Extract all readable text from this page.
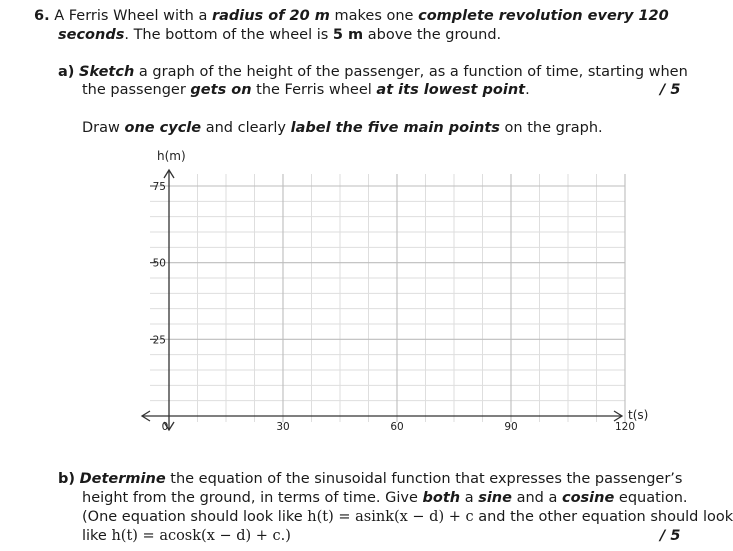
6. A Ferris Wheel with a radius of 20 m makes one complete revolution every 120
seconds. The bottom of the wheel is 5 m above the ground.
a) Sketch a graph of the height of the passenger, as a function of time, starting when
the passenger gets on the Ferris wheel at its lowest point.	/ 5
Draw one cycle and clearly label the five main points on the graph.
25
50
75
0	30	60	90	120
h(m)
t(s)
b) Determine the equation of the sinusoidal function that expresses the passenger’s
height from the ground, in terms of time. Give both a sine and a cosine equation.
(One equation should look like h(t) = asink(x − d) + c and the other equation should look
like h(t) = acosk(x − d) + c.)	/ 5
